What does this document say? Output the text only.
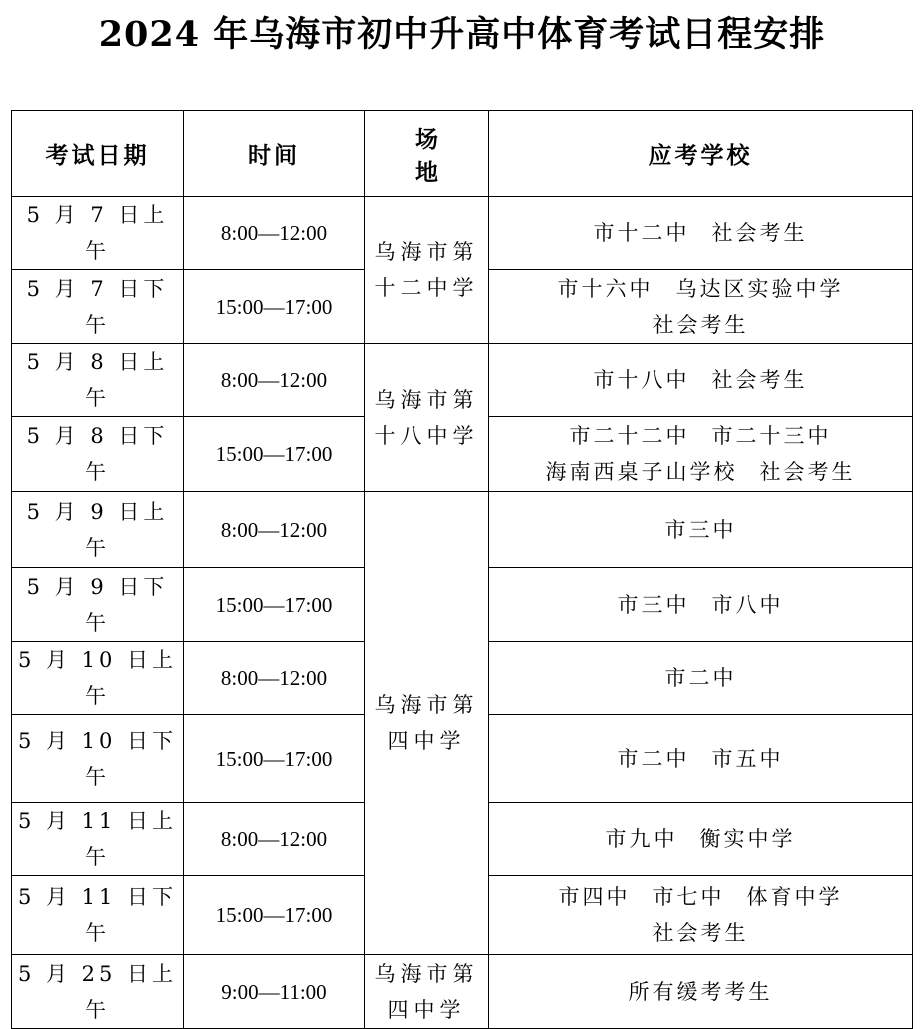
2024 年乌海市初中升高中体育考试日程安排
考试日期	时间	场　地	应考学校
5 月 7 日上午	8:00—12:00	乌海市第十二中学	市十二中 社会考生

5 月 7 日下午	15:00—17:00		市十六中 乌达区实验中学
社会考生

5 月 8 日上午	8:00—12:00	乌海市第十八中学	市十八中 社会考生

5 月 8 日下午	15:00—17:00		市二十二中 市二十三中
海南西桌子山学校 社会考生

5 月 9 日上午	8:00—12:00	乌海市第四中学	市三中

5 月 9 日下午	15:00—17:00		市三中 市八中

5 月 10 日上午	8:00—12:00		市二中

5 月 10 日下午	15:00—17:00		市二中 市五中

5 月 11 日上午	8:00—12:00		市九中 衡实中学

5 月 11 日下午	15:00—17:00		市四中 市七中 体育中学
社会考生

5 月 25 日上午	9:00—11:00	乌海市第四中学	所有缓考考生
